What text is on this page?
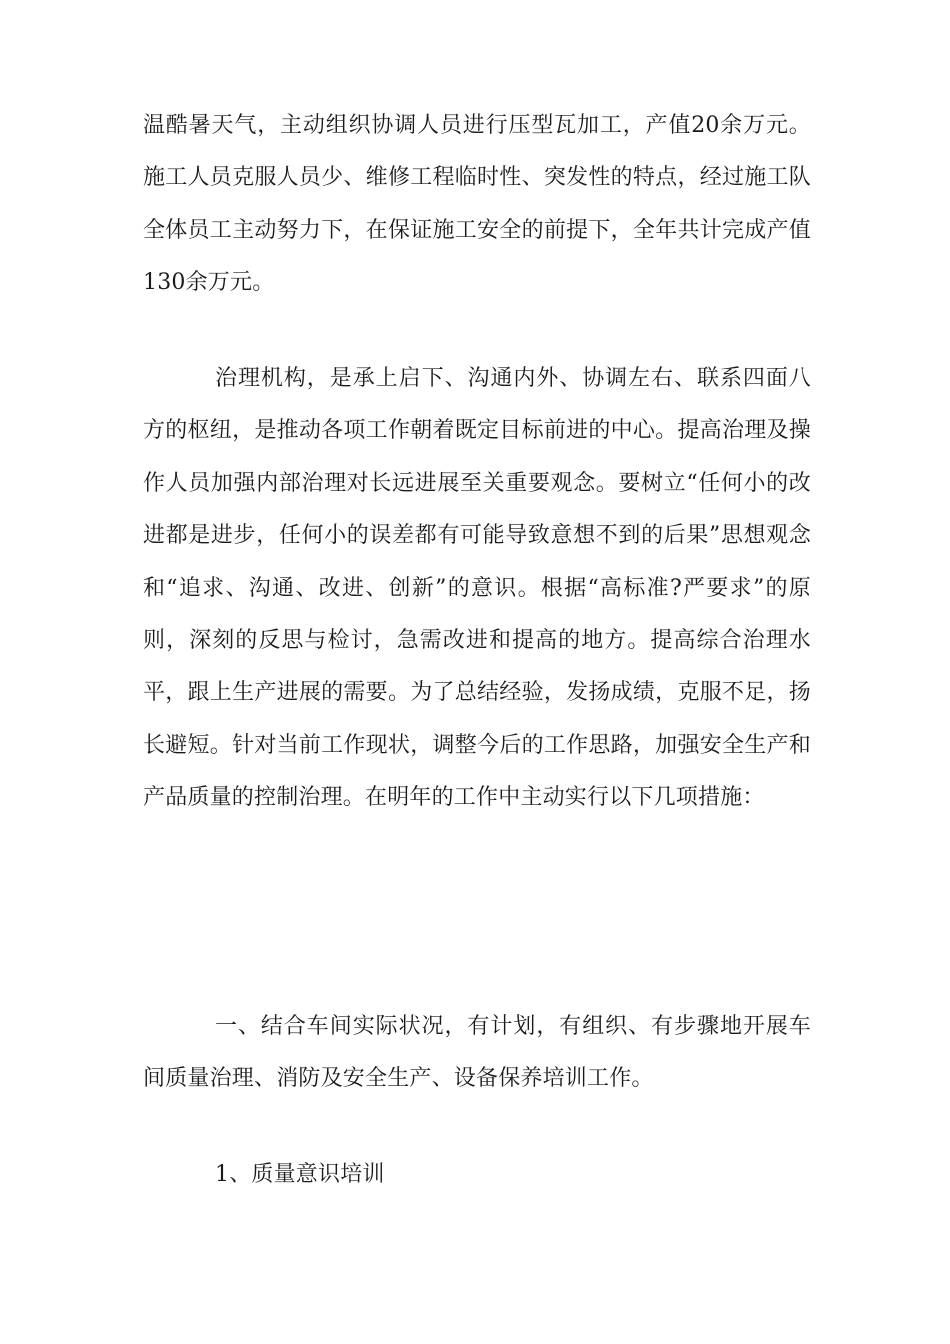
温酷暑天气，主动组织协调人员进行压型瓦加工，产值20余万元。施工人员克服人员少、维修工程临时性、突发性的特点，经过施工队全体员工主动努力下，在保证施工安全的前提下，全年共计完成产值130余万元。

治理机构，是承上启下、沟通内外、协调左右、联系四面八方的枢纽，是推动各项工作朝着既定目标前进的中心。提高治理及操作人员加强内部治理对长远进展至关重要观念。要树立“任何小的改进都是进步，任何小的误差都有可能导致意想不到的后果”思想观念和“追求、沟通、改进、创新”的意识。根据“高标准?严要求”的原则，深刻的反思与检讨，急需改进和提高的地方。提高综合治理水平，跟上生产进展的需要。为了总结经验，发扬成绩，克服不足，扬长避短。针对当前工作现状，调整今后的工作思路，加强安全生产和产品质量的控制治理。在明年的工作中主动实行以下几项措施：

一、结合车间实际状况，有计划，有组织、有步骤地开展车间质量治理、消防及安全生产、设备保养培训工作。

1、质量意识培训
